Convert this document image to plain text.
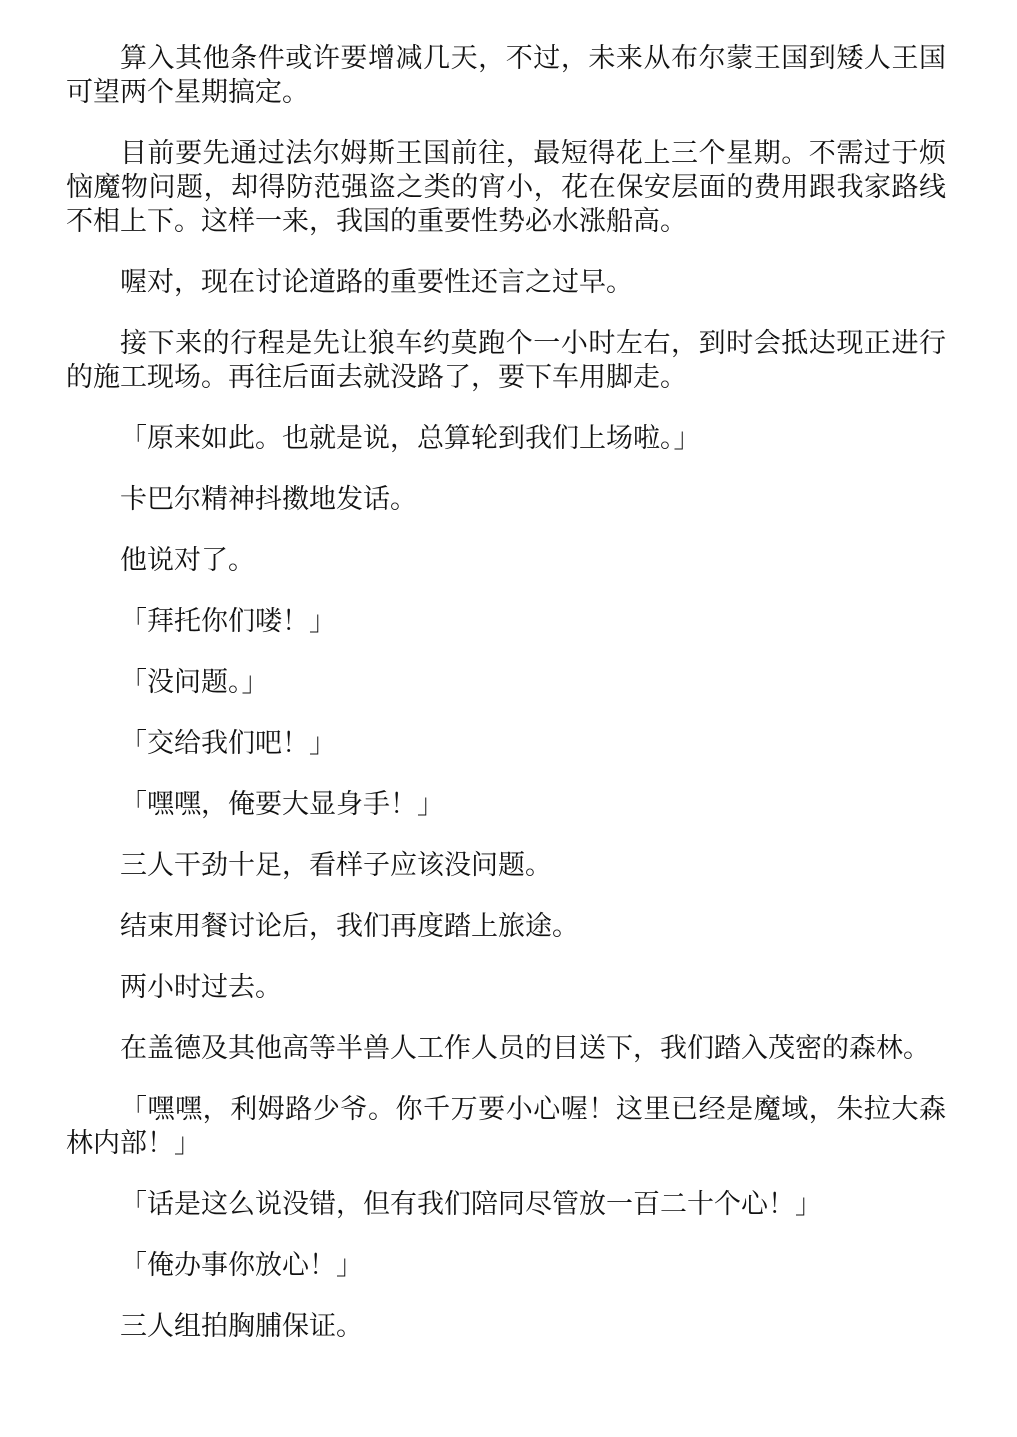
算入其他条件或许要增减几天，不过，未来从布尔蒙王国到矮人王国可望两个星期搞定。

目前要先通过法尔姆斯王国前往，最短得花上三个星期。不需过于烦恼魔物问题，却得防范强盗之类的宵小，花在保安层面的费用跟我家路线不相上下。这样一来，我国的重要性势必水涨船高。

喔对，现在讨论道路的重要性还言之过早。

接下来的行程是先让狼车约莫跑个一小时左右，到时会抵达现正进行的施工现场。再往后面去就没路了，要下车用脚走。

「原来如此。也就是说，总算轮到我们上场啦。」

卡巴尔精神抖擞地发话。

他说对了。

「拜托你们喽！」

「没问题。」

「交给我们吧！」

「嘿嘿，俺要大显身手！」

三人干劲十足，看样子应该没问题。

结束用餐讨论后，我们再度踏上旅途。

两小时过去。

在盖德及其他高等半兽人工作人员的目送下，我们踏入茂密的森林。

「嘿嘿，利姆路少爷。你千万要小心喔！这里已经是魔域，朱拉大森林内部！」

「话是这么说没错，但有我们陪同尽管放一百二十个心！」

「俺办事你放心！」

三人组拍胸脯保证。
